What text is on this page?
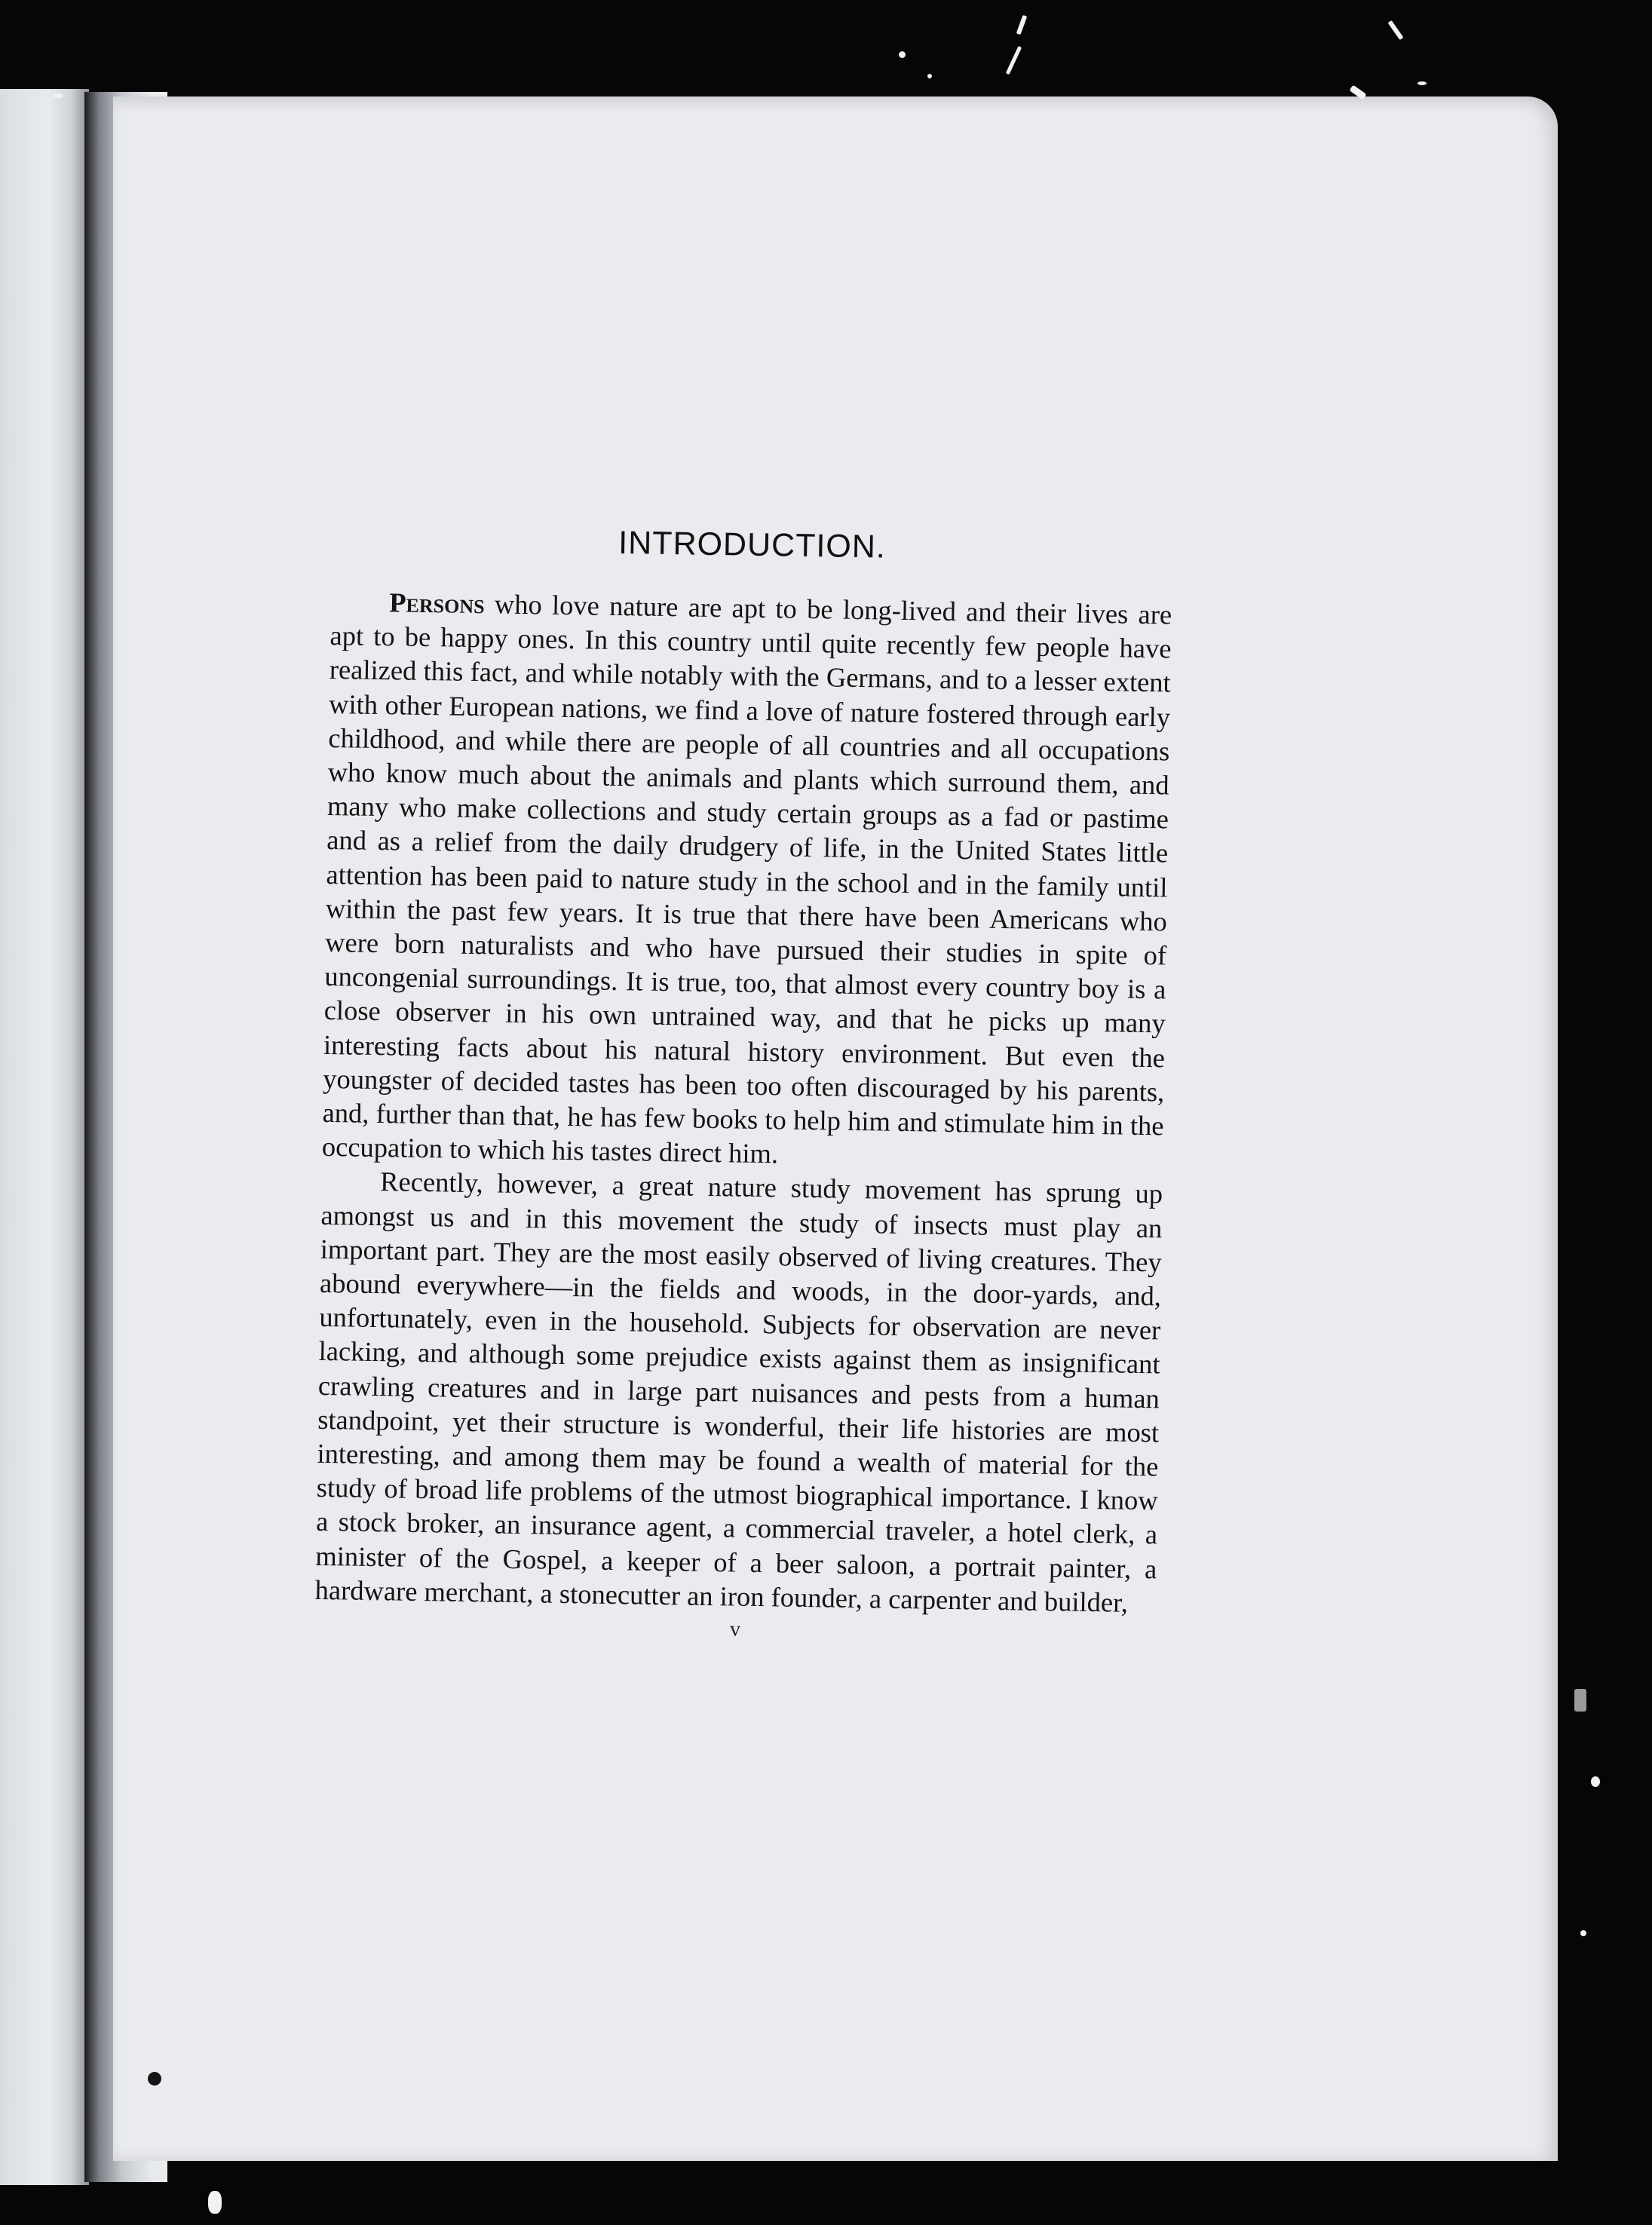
INTRODUCTION.

Persons who love nature are apt to be long-lived and their lives are apt to be happy ones. In this country until quite recently few people have realized this fact, and while notably with the Germans, and to a lesser extent with other European nations, we find a love of nature fostered through early childhood, and while there are people of all countries and all occupations who know much about the animals and plants which surround them, and many who make collections and study certain groups as a fad or pastime and as a relief from the daily drudgery of life, in the United States little attention has been paid to nature study in the school and in the family until within the past few years. It is true that there have been Americans who were born naturalists and who have pursued their studies in spite of uncongenial surroundings. It is true, too, that almost every country boy is a close observer in his own untrained way, and that he picks up many interesting facts about his natural history environment. But even the youngster of decided tastes has been too often discouraged by his parents, and, further than that, he has few books to help him and stimulate him in the occupation to which his tastes direct him.

Recently, however, a great nature study movement has sprung up amongst us and in this movement the study of insects must play an important part. They are the most easily observed of living creatures. They abound everywhere—in the fields and woods, in the door-yards, and, unfortunately, even in the household. Subjects for observation are never lacking, and although some prejudice exists against them as insignificant crawling creatures and in large part nuisances and pests from a human standpoint, yet their structure is wonderful, their life histories are most interesting, and among them may be found a wealth of material for the study of broad life problems of the utmost biographical importance. I know a stock broker, an insurance agent, a commercial traveler, a hotel clerk, a minister of the Gospel, a keeper of a beer saloon, a portrait painter, a hardware merchant, a stonecutter an iron founder, a carpenter and builder,

v
